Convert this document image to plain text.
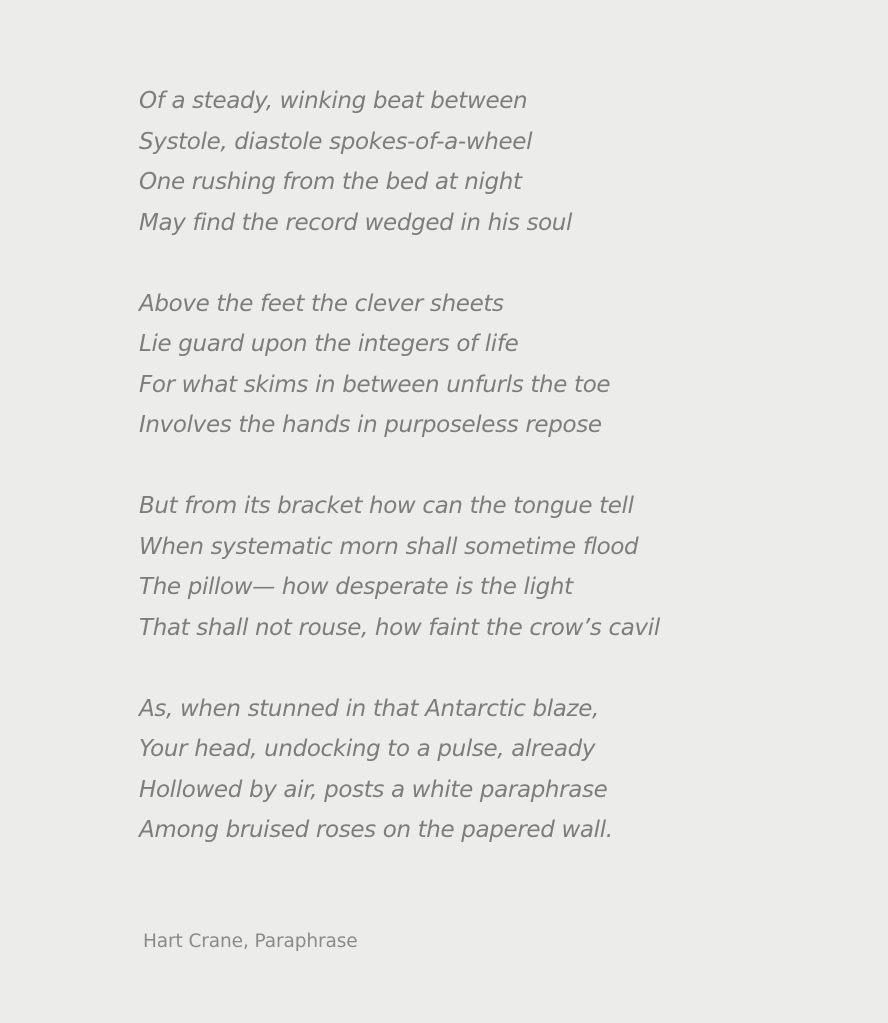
Of a steady, winking beat between
Systole, diastole spokes-of-a-wheel
One rushing from the bed at night
May find the record wedged in his soul
Above the feet the clever sheets
Lie guard upon the integers of life
For what skims in between unfurls the toe
Involves the hands in purposeless repose
But from its bracket how can the tongue tell
When systematic morn shall sometime flood
The pillow— how desperate is the light
That shall not rouse, how faint the crow’s cavil
As, when stunned in that Antarctic blaze,
Your head, undocking to a pulse, already
Hollowed by air, posts a white paraphrase
Among bruised roses on the papered wall.
Hart Crane, Paraphrase
